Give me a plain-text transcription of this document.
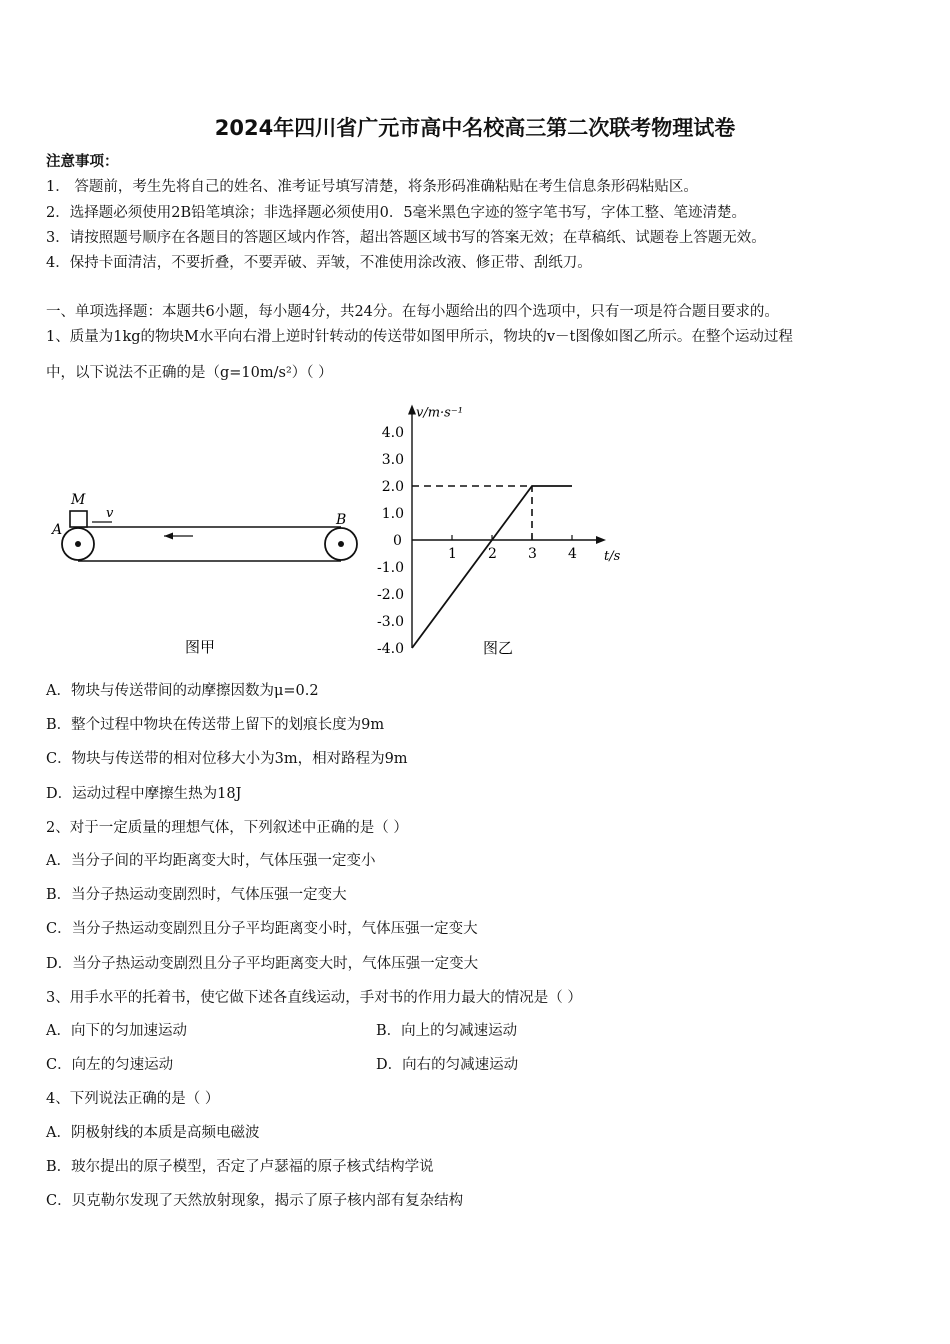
2024年四川省广元市高中名校高三第二次联考物理试卷
注意事项：
1． 答题前，考生先将自己的姓名、准考证号填写清楚，将条形码准确粘贴在考生信息条形码粘贴区。
2．选择题必须使用2B铅笔填涂；非选择题必须使用0．5毫米黑色字迹的签字笔书写，字体工整、笔迹清楚。
3．请按照题号顺序在各题目的答题区域内作答，超出答题区域书写的答案无效；在草稿纸、试题卷上答题无效。
4．保持卡面清洁，不要折叠，不要弄破、弄皱，不准使用涂改液、修正带、刮纸刀。
一、单项选择题：本题共6小题，每小题4分，共24分。在每小题给出的四个选项中，只有一项是符合题目要求的。
1、质量为1kg的物块M水平向右滑上逆时针转动的传送带如图甲所示，物块的v－t图像如图乙所示。在整个运动过程
中，以下说法不正确的是（g=10m/s²）（ ）
M
v
A
B
图甲	图乙
v/m·s⁻¹
t/s
0
4.0
3.0
2.0
1.0
-1.0
-2.0
-3.0
-4.0
1 2 3 4
A．物块与传送带间的动摩擦因数为μ=0.2
B．整个过程中物块在传送带上留下的划痕长度为9m
C．物块与传送带的相对位移大小为3m，相对路程为9m
D．运动过程中摩擦生热为18J
2、对于一定质量的理想气体，下列叙述中正确的是（ ）
A．当分子间的平均距离变大时，气体压强一定变小
B．当分子热运动变剧烈时，气体压强一定变大
C．当分子热运动变剧烈且分子平均距离变小时，气体压强一定变大
D．当分子热运动变剧烈且分子平均距离变大时，气体压强一定变大
3、用手水平的托着书，使它做下述各直线运动，手对书的作用力最大的情况是（ ）
A．向下的匀加速运动	B．向上的匀减速运动
C．向左的匀速运动	D．向右的匀减速运动
4、下列说法正确的是（ ）
A．阴极射线的本质是高频电磁波
B．玻尔提出的原子模型，否定了卢瑟福的原子核式结构学说
C．贝克勒尔发现了天然放射现象，揭示了原子核内部有复杂结构
